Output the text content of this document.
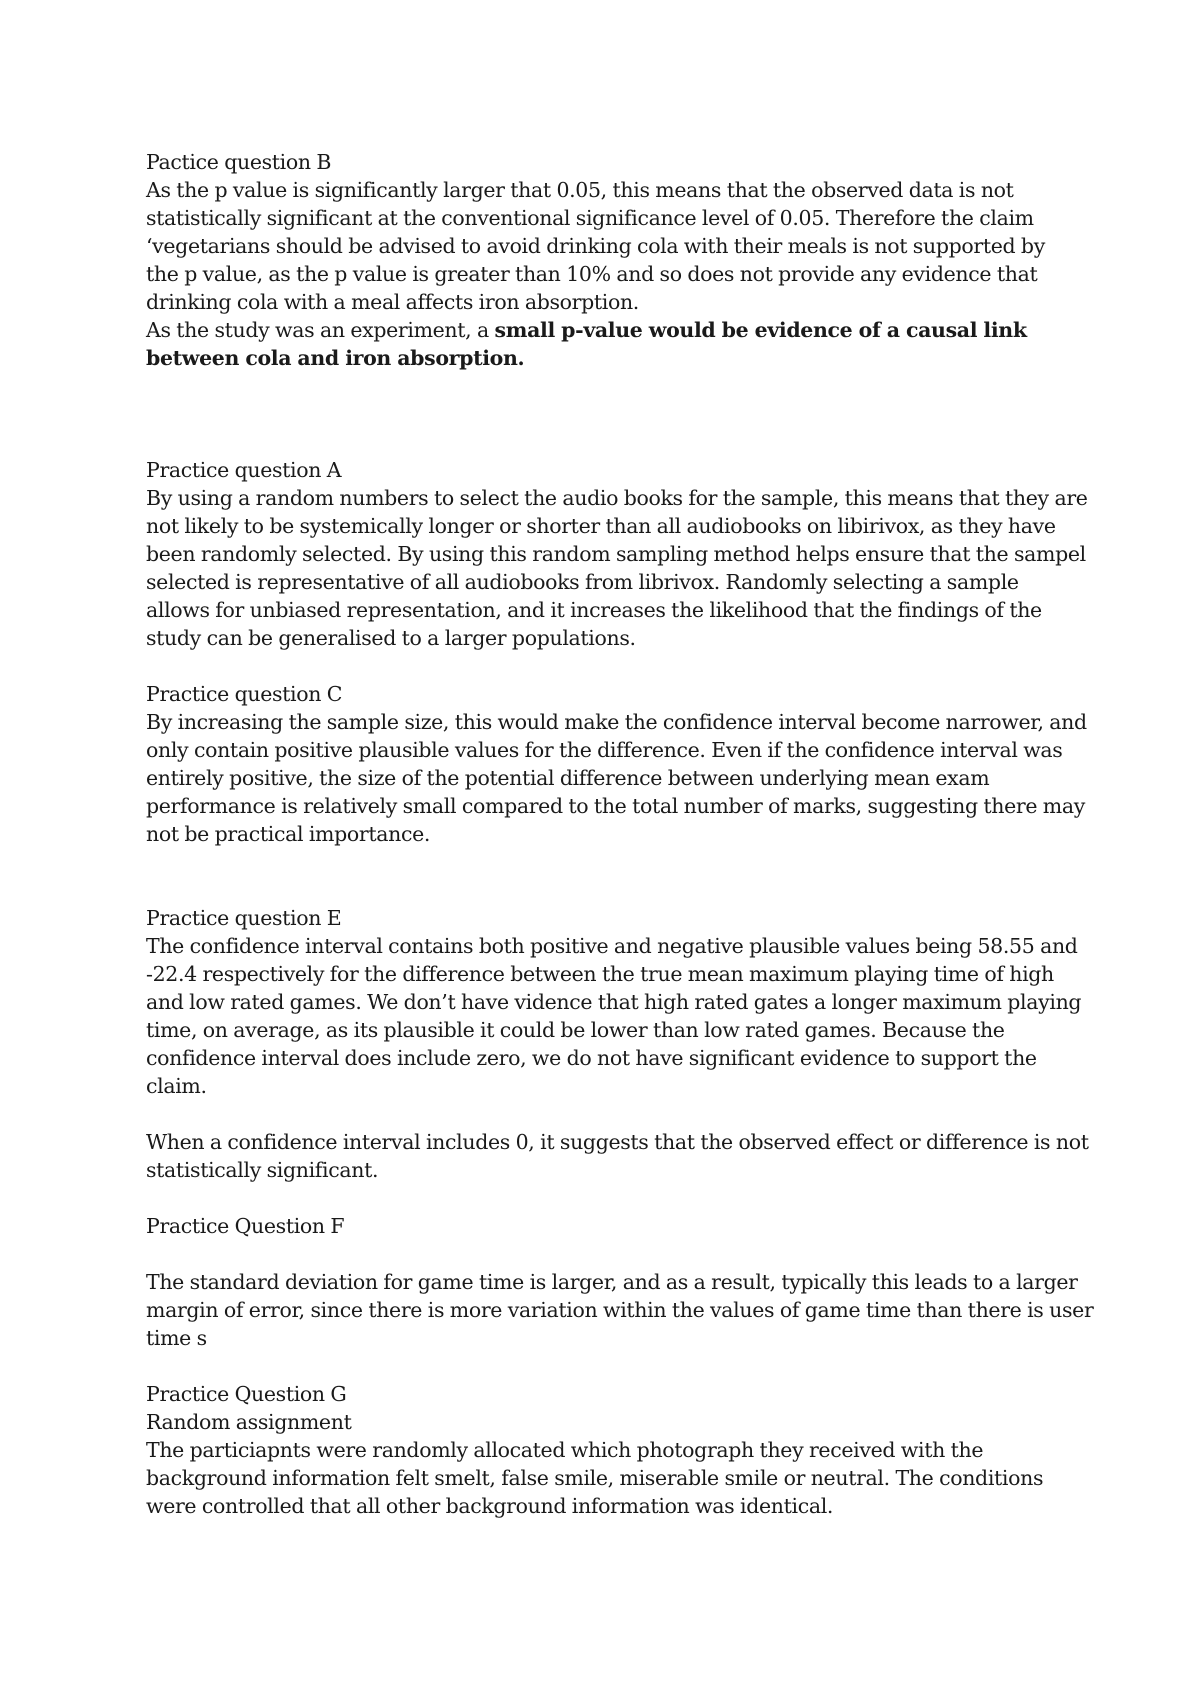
Pactice question B
As the p value is significantly larger that 0.05, this means that the observed data is not
statistically significant at the conventional significance level of 0.05. Therefore the claim
‘vegetarians should be advised to avoid drinking cola with their meals is not supported by
the p value, as the p value is greater than 10% and so does not provide any evidence that
drinking cola with a meal affects iron absorption.
As the study was an experiment, a small p-value would be evidence of a causal link
between cola and iron absorption.
Practice question A
By using a random numbers to select the audio books for the sample, this means that they are
not likely to be systemically longer or shorter than all audiobooks on libirivox, as they have
been randomly selected. By using this random sampling method helps ensure that the sampel
selected is representative of all audiobooks from librivox. Randomly selecting a sample
allows for unbiased representation, and it increases the likelihood that the findings of the
study can be generalised to a larger populations.
Practice question C
By increasing the sample size, this would make the confidence interval become narrower, and
only contain positive plausible values for the difference. Even if the confidence interval was
entirely positive, the size of the potential difference between underlying mean exam
performance is relatively small compared to the total number of marks, suggesting there may
not be practical importance.
Practice question E
The confidence interval contains both positive and negative plausible values being 58.55 and
-22.4 respectively for the difference between the true mean maximum playing time of high
and low rated games. We don’t have vidence that high rated gates a longer maximum playing
time, on average, as its plausible it could be lower than low rated games. Because the
confidence interval does include zero, we do not have significant evidence to support the
claim.
When a confidence interval includes 0, it suggests that the observed effect or difference is not
statistically significant.
Practice Question F
The standard deviation for game time is larger, and as a result, typically this leads to a larger
margin of error, since there is more variation within the values of game time than there is user
time s
Practice Question G
Random assignment
The particiapnts were randomly allocated which photograph they received with the
background information felt smelt, false smile, miserable smile or neutral. The conditions
were controlled that all other background information was identical.
